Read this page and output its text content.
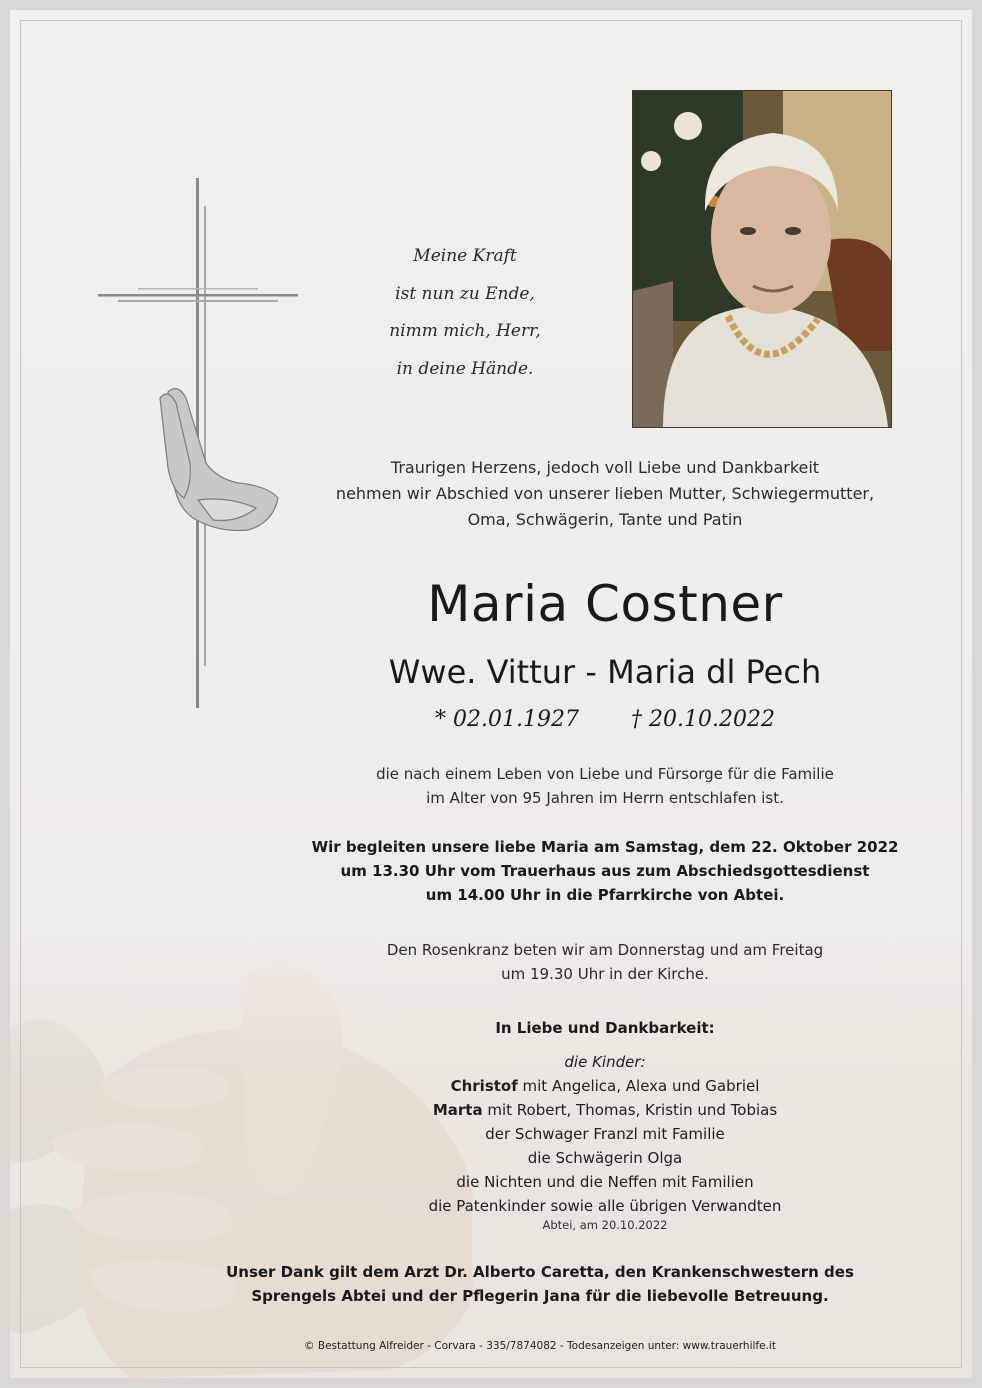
Meine Kraft
ist nun zu Ende,
nimm mich, Herr,
in deine Hände.
Traurigen Herzens, jedoch voll Liebe und Dankbarkeit
nehmen wir Abschied von unserer lieben Mutter, Schwiegermutter,
Oma, Schwägerin, Tante und Patin
Maria Costner
Wwe. Vittur - Maria dl Pech
* 02.01.1927 † 20.10.2022
die nach einem Leben von Liebe und Fürsorge für die Familie
im Alter von 95 Jahren im Herrn entschlafen ist.
Wir begleiten unsere liebe Maria am Samstag, dem 22. Oktober 2022
um 13.30 Uhr vom Trauerhaus aus zum Abschiedsgottesdienst
um 14.00 Uhr in die Pfarrkirche von Abtei.
Den Rosenkranz beten wir am Donnerstag und am Freitag
um 19.30 Uhr in der Kirche.
In Liebe und Dankbarkeit:
die Kinder:
Christof mit Angelica, Alexa und Gabriel
Marta mit Robert, Thomas, Kristin und Tobias
der Schwager Franzl mit Familie
die Schwägerin Olga
die Nichten und die Neffen mit Familien
die Patenkinder sowie alle übrigen Verwandten
Abtei, am 20.10.2022
Unser Dank gilt dem Arzt Dr. Alberto Caretta, den Krankenschwestern des
Sprengels Abtei und der Pflegerin Jana für die liebevolle Betreuung.
© Bestattung Alfreider - Corvara - 335/7874082 - Todesanzeigen unter: www.trauerhilfe.it
